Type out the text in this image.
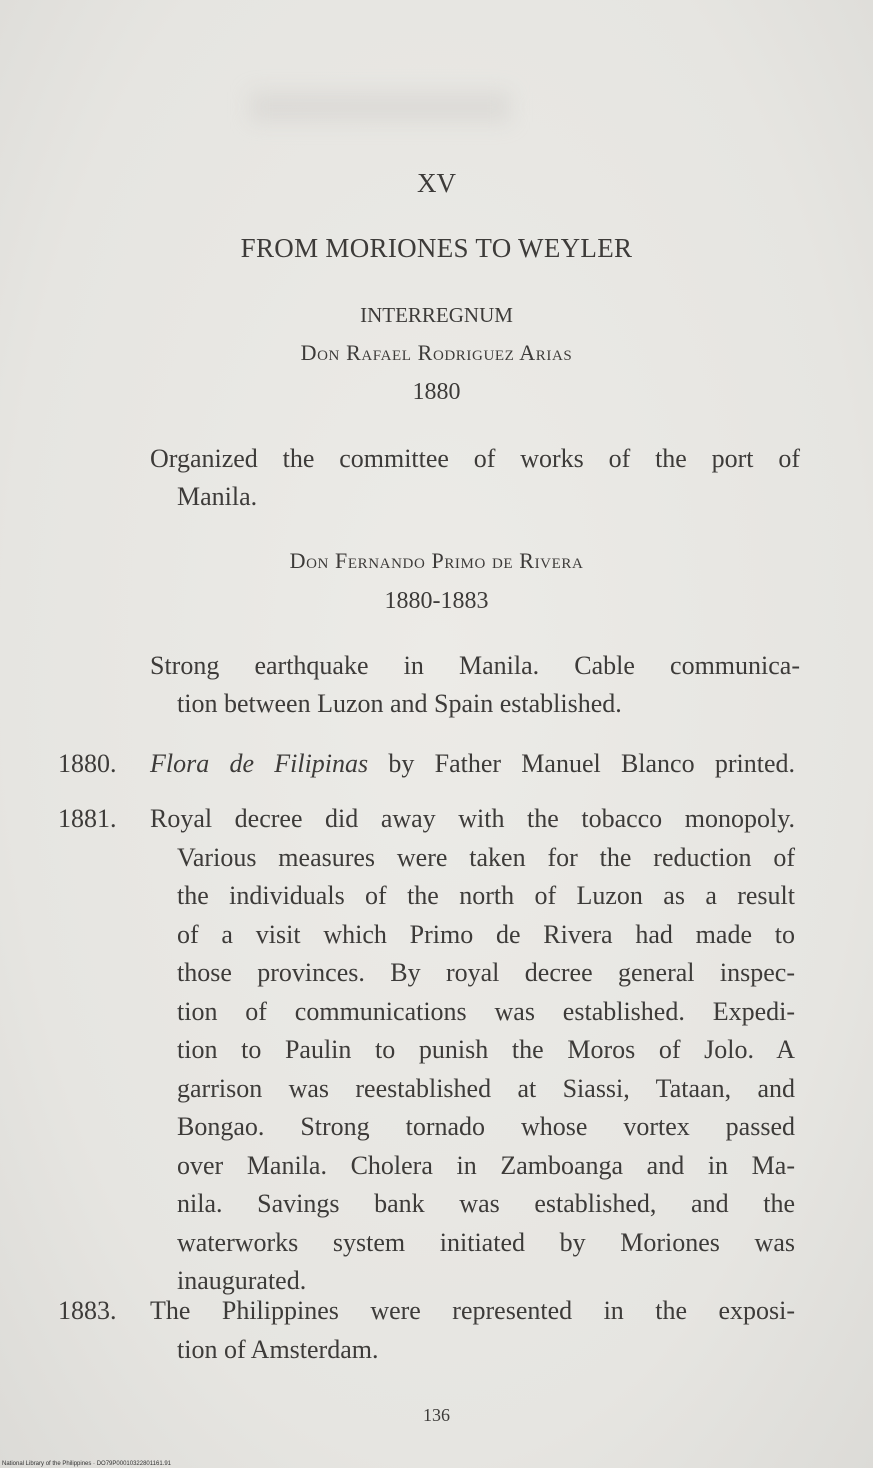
XV
FROM MORIONES TO WEYLER
INTERREGNUM
Don Rafael Rodriguez Arias
1880
Organized the committee of works of the port of
Manila.
Don Fernando Primo de Rivera
1880-1883
Strong earthquake in Manila. Cable communica-
tion between Luzon and Spain established.
1880.	Flora de Filipinas by Father Manuel Blanco printed.
1881.	Royal decree did away with the tobacco monopoly.
Various measures were taken for the reduction of
the individuals of the north of Luzon as a result
of a visit which Primo de Rivera had made to
those provinces. By royal decree general inspec-
tion of communications was established. Expedi-
tion to Paulin to punish the Moros of Jolo. A
garrison was reestablished at Siassi, Tataan, and
Bongao. Strong tornado whose vortex passed
over Manila. Cholera in Zamboanga and in Ma-
nila. Savings bank was established, and the
waterworks system initiated by Moriones was
inaugurated.
1883.	The Philippines were represented in the exposi-
tion of Amsterdam.
136
National Library of the Philippines · DO79P00010322801161.91
